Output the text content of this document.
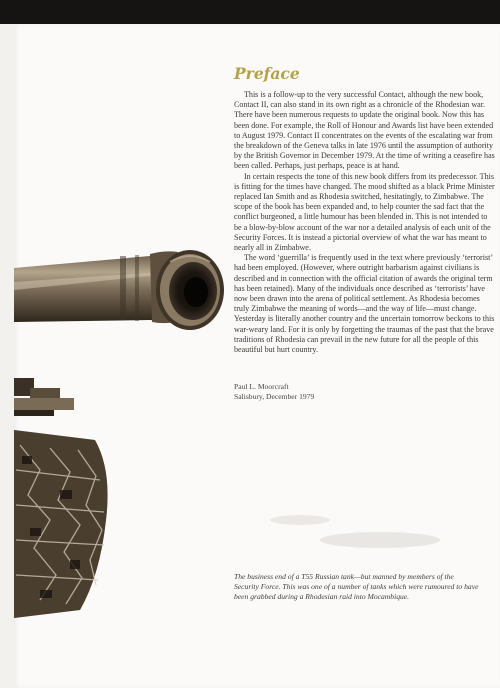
Preface

This is a follow-up to the very successful Contact, although the new book, Contact II, can also stand in its own right as a chronicle of the Rhodesian war. There have been numerous requests to update the original book. Now this has been done. For example, the Roll of Honour and Awards list have been extended to August 1979. Contact II concentrates on the events of the escalating war from the breakdown of the Geneva talks in late 1976 until the assumption of authority by the British Governor in December 1979. At the time of writing a ceasefire has been called. Perhaps, just perhaps, peace is at hand.

In certain respects the tone of this new book differs from its predecessor. This is fitting for the times have changed. The mood shifted as a black Prime Minister replaced Ian Smith and as Rhodesia switched, hesitatingly, to Zimbabwe. The scope of the book has been expanded and, to help counter the sad fact that the conflict burgeoned, a little humour has been blended in. This is not intended to be a blow-by-blow account of the war nor a detailed analysis of each unit of the Security Forces. It is instead a pictorial overview of what the war has meant to nearly all in Zimbabwe.

The word ‘guerrilla’ is frequently used in the text where previously ‘terrorist’ had been employed. (However, where outright barbarism against civilians is described and in connection with the official citation of awards the original term has been retained). Many of the individuals once described as ‘terrorists’ have now been drawn into the arena of political settlement. As Rhodesia becomes truly Zimbabwe the meaning of words—and the way of life—must change. Yesterday is literally another country and the uncertain tomorrow beckons to this war-weary land. For it is only by forgetting the traumas of the past that the brave traditions of Rhodesia can prevail in the new future for all the people of this beautiful but hurt country.

Paul L. Moorcraft
Salisbury, December 1979
The business end of a T55 Russian tank—but manned by members of the Security Force. This was one of a number of tanks which were rumoured to have been grabbed during a Rhodesian raid into Mocambique.
